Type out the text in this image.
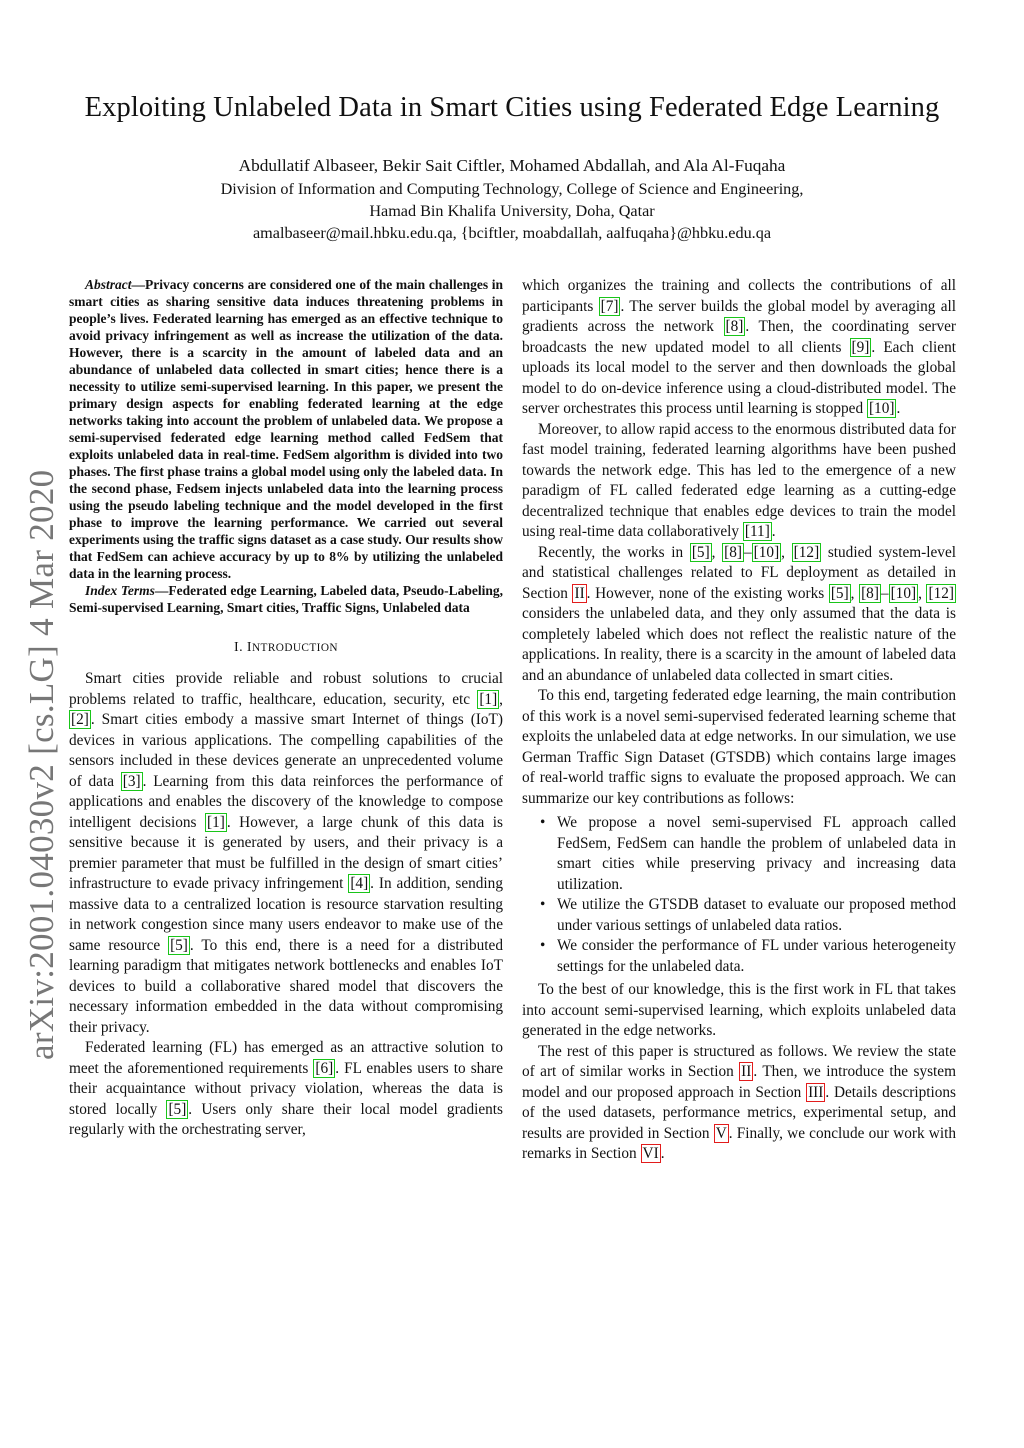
arXiv:2001.04030v2 [cs.LG] 4 Mar 2020
Exploiting Unlabeled Data in Smart Cities using Federated Edge Learning
Abdullatif Albaseer, Bekir Sait Ciftler, Mohamed Abdallah, and Ala Al-Fuqaha
Division of Information and Computing Technology, College of Science and Engineering,
Hamad Bin Khalifa University, Doha, Qatar
amalbaseer@mail.hbku.edu.qa, {bciftler, moabdallah, aalfuqaha}@hbku.edu.qa

Abstract—Privacy concerns are considered one of the main challenges in smart cities as sharing sensitive data induces threatening problems in people’s lives. Federated learning has emerged as an effective technique to avoid privacy infringement as well as increase the utilization of the data. However, there is a scarcity in the amount of labeled data and an abundance of unlabeled data collected in smart cities; hence there is a necessity to utilize semi-supervised learning. In this paper, we present the primary design aspects for enabling federated learning at the edge networks taking into account the problem of unlabeled data. We propose a semi-supervised federated edge learning method called FedSem that exploits unlabeled data in real-time. FedSem algorithm is divided into two phases. The first phase trains a global model using only the labeled data. In the second phase, Fedsem injects unlabeled data into the learning process using the pseudo labeling technique and the model developed in the first phase to improve the learning performance. We carried out several experiments using the traffic signs dataset as a case study. Our results show that FedSem can achieve accuracy by up to 8% by utilizing the unlabeled data in the learning process.

Index Terms—Federated edge Learning, Labeled data, Pseudo-Labeling, Semi-supervised Learning, Smart cities, Traffic Signs, Unlabeled data

I. INTRODUCTION

Smart cities provide reliable and robust solutions to crucial problems related to traffic, healthcare, education, security, etc [1] , [2] . Smart cities embody a massive smart Internet of things (IoT) devices in various applications. The compelling capabilities of the sensors included in these devices generate an unprecedented volume of data [3] . Learning from this data reinforces the performance of applications and enables the discovery of the knowledge to compose intelligent decisions [1] . However, a large chunk of this data is sensitive because it is generated by users, and their privacy is a premier parameter that must be fulfilled in the design of smart cities’ infrastructure to evade privacy infringement [4] . In addition, sending massive data to a centralized location is resource starvation resulting in network congestion since many users endeavor to make use of the same resource [5] . To this end, there is a need for a distributed learning paradigm that mitigates network bottlenecks and enables IoT devices to build a collaborative shared model that discovers the necessary information embedded in the data without compromising their privacy.

Federated learning (FL) has emerged as an attractive solution to meet the aforementioned requirements [6] . FL enables users to share their acquaintance without privacy violation, whereas the data is stored locally [5] . Users only share their local model gradients regularly with the orchestrating server,

which organizes the training and collects the contributions of all participants [7] . The server builds the global model by averaging all gradients across the network [8] . Then, the coordinating server broadcasts the new updated model to all clients [9] . Each client uploads its local model to the server and then downloads the global model to do on-device inference using a cloud-distributed model. The server orchestrates this process until learning is stopped [10] .

Moreover, to allow rapid access to the enormous distributed data for fast model training, federated learning algorithms have been pushed towards the network edge. This has led to the emergence of a new paradigm of FL called federated edge learning as a cutting-edge decentralized technique that enables edge devices to train the model using real-time data collaboratively [11] .

Recently, the works in [5] , [8] – [10] , [12] studied system-level and statistical challenges related to FL deployment as detailed in Section II . However, none of the existing works [5] , [8] – [10] , [12] considers the unlabeled data, and they only assumed that the data is completely labeled which does not reflect the realistic nature of the applications. In reality, there is a scarcity in the amount of labeled data and an abundance of unlabeled data collected in smart cities.

To this end, targeting federated edge learning, the main contribution of this work is a novel semi-supervised federated learning scheme that exploits the unlabeled data at edge networks. In our simulation, we use German Traffic Sign Dataset (GTSDB) which contains large images of real-world traffic signs to evaluate the proposed approach. We can summarize our key contributions as follows:

• We propose a novel semi-supervised FL approach called FedSem, FedSem can handle the problem of unlabeled data in smart cities while preserving privacy and increasing data utilization.
• We utilize the GTSDB dataset to evaluate our proposed method under various settings of unlabeled data ratios.
• We consider the performance of FL under various heterogeneity settings for the unlabeled data.

To the best of our knowledge, this is the first work in FL that takes into account semi-supervised learning, which exploits unlabeled data generated in the edge networks.

The rest of this paper is structured as follows. We review the state of art of similar works in Section II . Then, we introduce the system model and our proposed approach in Section III . Details descriptions of the used datasets, performance metrics, experimental setup, and results are provided in Section V . Finally, we conclude our work with remarks in Section VI .
